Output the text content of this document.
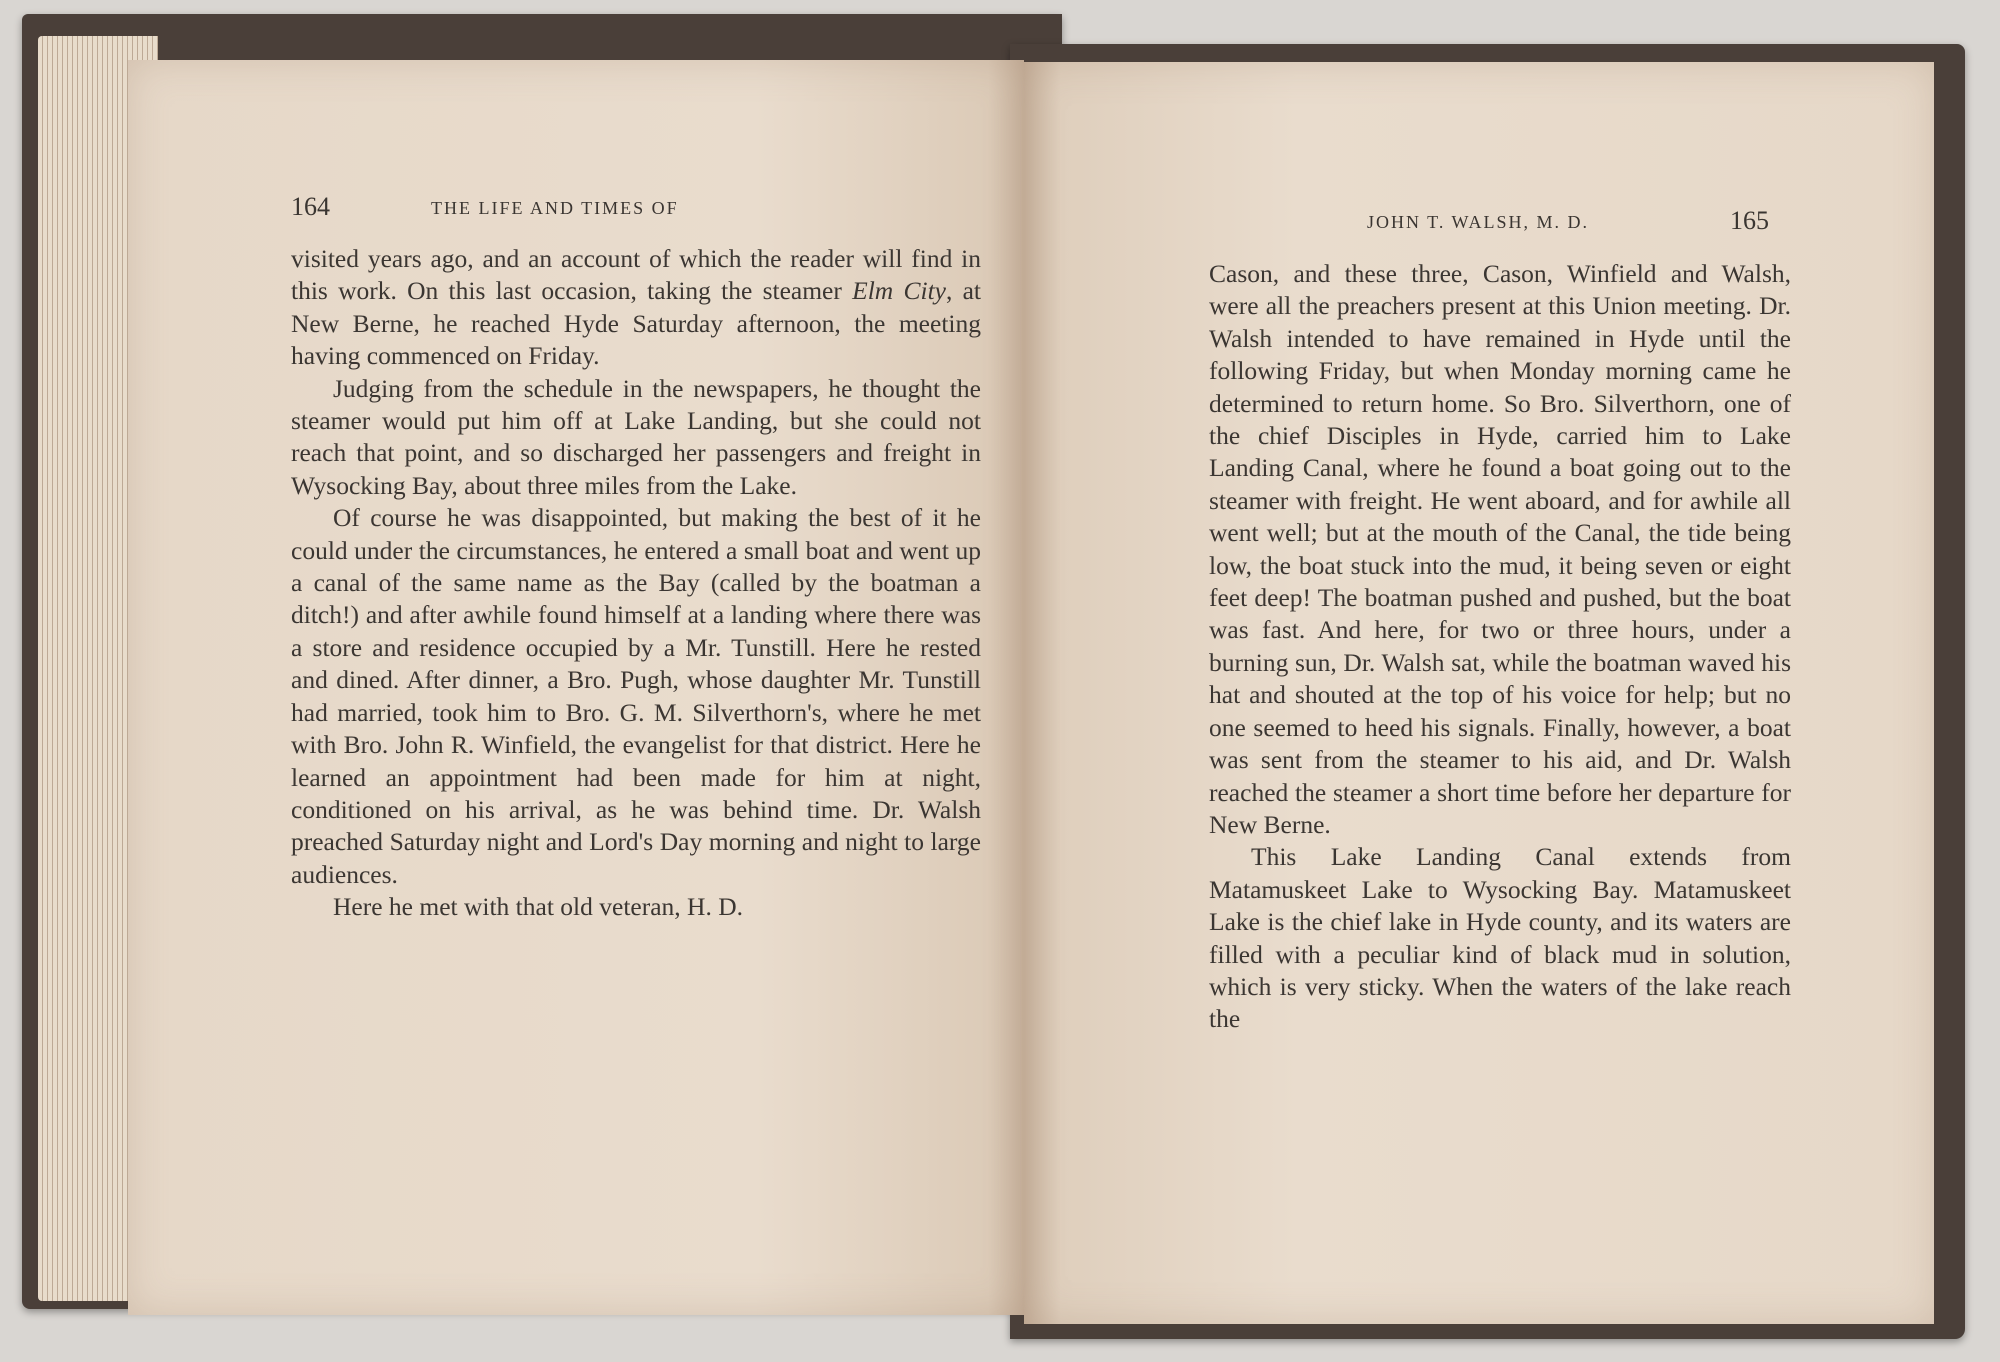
164	THE LIFE AND TIMES OF

visited years ago, and an account of which the reader will find in this work. On this last occasion, taking the steamer Elm City, at New Berne, he reached Hyde Saturday afternoon, the meeting having commenced on Friday.

Judging from the schedule in the newspapers, he thought the steamer would put him off at Lake Landing, but she could not reach that point, and so discharged her passengers and freight in Wysocking Bay, about three miles from the Lake.

Of course he was disappointed, but making the best of it he could under the circumstances, he entered a small boat and went up a canal of the same name as the Bay (called by the boatman a ditch!) and after awhile found himself at a landing where there was a store and residence occupied by a Mr. Tunstill. Here he rested and dined. After dinner, a Bro. Pugh, whose daughter Mr. Tunstill had married, took him to Bro. G. M. Silverthorn's, where he met with Bro. John R. Winfield, the evangelist for that district. Here he learned an appointment had been made for him at night, conditioned on his arrival, as he was behind time. Dr. Walsh preached Saturday night and Lord's Day morning and night to large audiences.

Here he met with that old veteran, H. D.

JOHN T. WALSH, M. D.	165

Cason, and these three, Cason, Winfield and Walsh, were all the preachers present at this Union meeting. Dr. Walsh intended to have remained in Hyde until the following Friday, but when Monday morning came he determined to return home. So Bro. Silverthorn, one of the chief Disciples in Hyde, carried him to Lake Landing Canal, where he found a boat going out to the steamer with freight. He went aboard, and for awhile all went well; but at the mouth of the Canal, the tide being low, the boat stuck into the mud, it being seven or eight feet deep! The boatman pushed and pushed, but the boat was fast. And here, for two or three hours, under a burning sun, Dr. Walsh sat, while the boatman waved his hat and shouted at the top of his voice for help; but no one seemed to heed his signals. Finally, however, a boat was sent from the steamer to his aid, and Dr. Walsh reached the steamer a short time before her departure for New Berne.

This Lake Landing Canal extends from Matamuskeet Lake to Wysocking Bay. Matamuskeet Lake is the chief lake in Hyde county, and its waters are filled with a peculiar kind of black mud in solution, which is very sticky. When the waters of the lake reach the
